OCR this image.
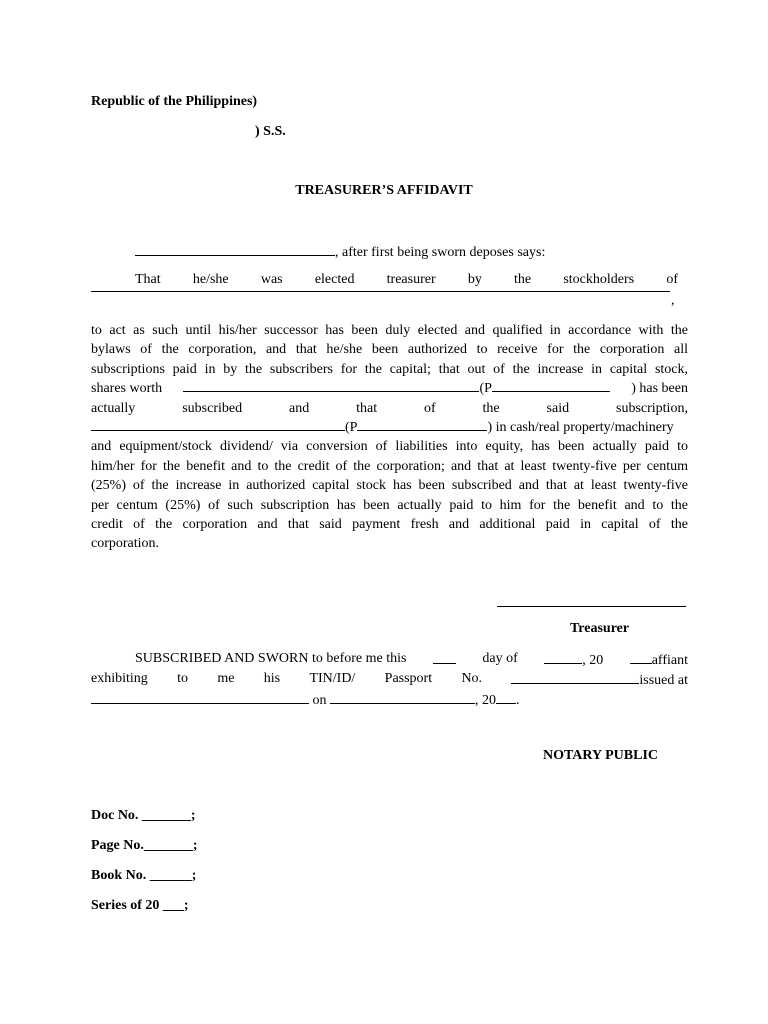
Republic of the Philippines)
) S.S.
TREASURER’S AFFIDAVIT
, after first being sworn deposes says:
That he/she was elected treasurer by the stockholders of
,
to act as such until his/her successor has been duly elected and qualified in accordance with the
bylaws of the corporation, and that he/she been authorized to receive for the corporation all
subscriptions paid in by the subscribers for the capital; that out of the increase in capital stock,
shares worth	(P	) has been
actually	subscribed	and	that	of	the	said	subscription,
(P	) in cash/real property/machinery
and equipment/stock dividend/ via conversion of liabilities into equity, has been actually paid to
him/her for the benefit and to the credit of the corporation; and that at least twenty-five per centum
(25%) of the increase in authorized capital stock has been subscribed and that at least twenty-five
per centum (25%) of such subscription has been actually paid to him for the benefit and to the
credit of the corporation and that said payment fresh and additional paid in capital of the
corporation.
Treasurer
SUBSCRIBED AND SWORN to before me this	day of	, 20	affiant
exhibiting to me his TIN/ID/ Passport No.	issued at
on	, 20 .
NOTARY PUBLIC
Doc No. _______;
Page No._______;
Book No. ______;
Series of 20 ___;
